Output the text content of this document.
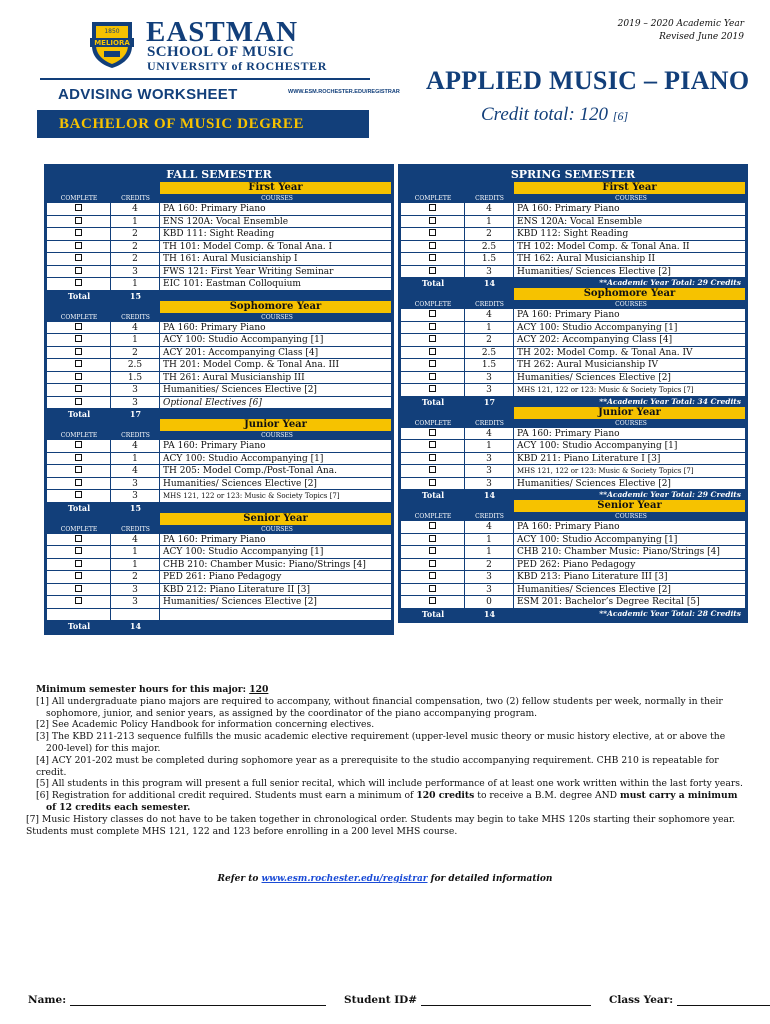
MELIORA
1850 EASTMAN
SCHOOL OF MUSIC
UNIVERSITY of ROCHESTER
ADVISING WORKSHEET	WWW.ESM.ROCHESTER.EDU/REGISTRAR
BACHELOR OF MUSIC DEGREE
2019 – 2020 Academic Year
Revised June 2019
APPLIED MUSIC – PIANO
Credit total: 120 [6]
FALL SEMESTER
First Year
COMPLETE	CREDITS	COURSES
4	PA 160: Primary Piano
1	ENS 120A: Vocal Ensemble
2	KBD 111: Sight Reading
2	TH 101: Model Comp. & Tonal Ana. I
2	TH 161: Aural Musicianship I
3	FWS 121: First Year Writing Seminar
1	EIC 101: Eastman Colloquium
Total	15
Sophomore Year
COMPLETE	CREDITS	COURSES
4	PA 160: Primary Piano
1	ACY 100: Studio Accompanying [1]
2	ACY 201: Accompanying Class [4]
2.5	TH 201: Model Comp. & Tonal Ana. III
1.5	TH 261: Aural Musicianship III
3	Humanities/ Sciences Elective [2]
3	Optional Electives [6]
Total	17
Junior Year
COMPLETE	CREDITS	COURSES
4	PA 160: Primary Piano
1	ACY 100: Studio Accompanying [1]
4	TH 205: Model Comp./Post-Tonal Ana.
3	Humanities/ Sciences Elective [2]
3	MHS 121, 122 or 123: Music & Society Topics [7]
Total	15
Senior Year
COMPLETE	CREDITS	COURSES
4	PA 160: Primary Piano
1	ACY 100: Studio Accompanying [1]
1	CHB 210: Chamber Music: Piano/Strings [4]
2	PED 261: Piano Pedagogy
3	KBD 212: Piano Literature II [3]
3	Humanities/ Sciences Elective [2]
Total	14
SPRING SEMESTER
First Year
COMPLETE	CREDITS	COURSES
4	PA 160: Primary Piano
1	ENS 120A: Vocal Ensemble
2	KBD 112: Sight Reading
2.5	TH 102: Model Comp. & Tonal Ana. II
1.5	TH 162: Aural Musicianship II
3	Humanities/ Sciences Elective [2]
Total	14	**Academic Year Total: 29 Credits
Sophomore Year
COMPLETE	CREDITS	COURSES
4	PA 160: Primary Piano
1	ACY 100: Studio Accompanying [1]
2	ACY 202: Accompanying Class [4]
2.5	TH 202: Model Comp. & Tonal Ana. IV
1.5	TH 262: Aural Musicianship IV
3	Humanities/ Sciences Elective [2]
3	MHS 121, 122 or 123: Music & Society Topics [7]
Total	17	**Academic Year Total: 34 Credits
Junior Year
COMPLETE	CREDITS	COURSES
4	PA 160: Primary Piano
1	ACY 100: Studio Accompanying [1]
3	KBD 211: Piano Literature I [3]
3	MHS 121, 122 or 123: Music & Society Topics [7]
3	Humanities/ Sciences Elective [2]
Total	14	**Academic Year Total: 29 Credits
Senior Year
COMPLETE	CREDITS	COURSES
4	PA 160: Primary Piano
1	ACY 100: Studio Accompanying [1]
1	CHB 210: Chamber Music: Piano/Strings [4]
2	PED 262: Piano Pedagogy
3	KBD 213: Piano Literature III [3]
3	Humanities/ Sciences Elective [2]
0	ESM 201: Bachelor’s Degree Recital [5]
Total	14	**Academic Year Total: 28 Credits

Minimum semester hours for this major: 120

[1] All undergraduate piano majors are required to accompany, without financial compensation, two (2) fellow students per week, normally in their sophomore, junior, and senior years, as assigned by the coordinator of the piano accompanying program.

[2] See Academic Policy Handbook for information concerning electives.

[3] The KBD 211-213 sequence fulfills the music academic elective requirement (upper-level music theory or music history elective, at or above the 200-level) for this major.

[4] ACY 201-202 must be completed during sophomore year as a prerequisite to the studio accompanying requirement. CHB 210 is repeatable for credit.

[5] All students in this program will present a full senior recital, which will include performance of at least one work written within the last forty years.

[6] Registration for additional credit required. Students must earn a minimum of 120 credits to receive a B.M. degree AND must carry a minimum of 12 credits each semester.

[7] Music History classes do not have to be taken together in chronological order. Students may begin to take MHS 120s starting their sophomore year. Students must complete MHS 121, 122 and 123 before enrolling in a 200 level MHS course.

Refer to www.esm.rochester.edu/registrar for detailed information
Name:	Student ID#	Class Year:
